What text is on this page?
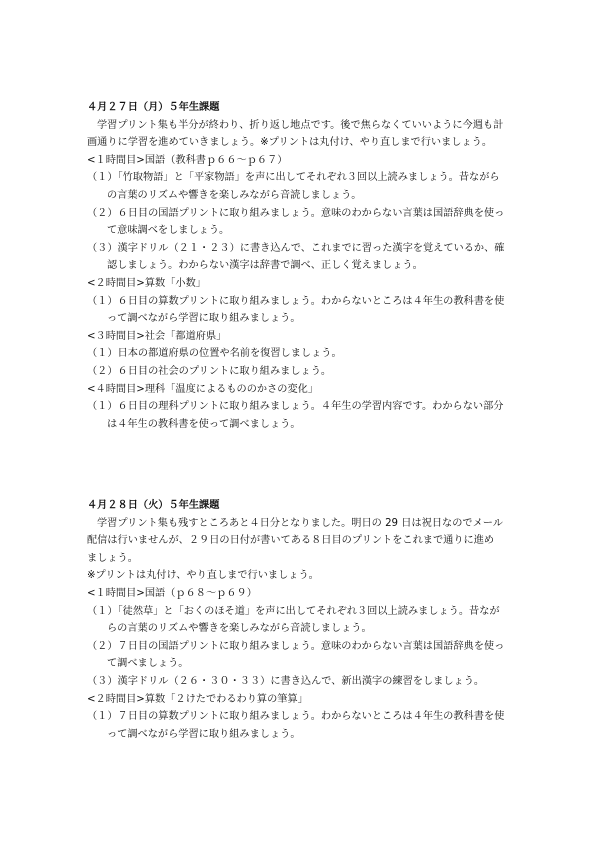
４月２７日（月）５年生課題
学習プリント集も半分が終わり、折り返し地点です。後で焦らなくていいように今週も計
画通りに学習を進めていきましょう。※プリントは丸付け、やり直しまで行いましょう。
<１時間目>国語（教科書ｐ６６～ｐ６７）
（１）「竹取物語」と「平家物語」を声に出してそれぞれ３回以上読みましょう。昔ながら
の言葉のリズムや響きを楽しみながら音読しましょう。
（２）６日目の国語プリントに取り組みましょう。意味のわからない言葉は国語辞典を使っ
て意味調べをしましょう。
（３）漢字ドリル（２１・２３）に書き込んで、これまでに習った漢字を覚えているか、確
認しましょう。わからない漢字は辞書で調べ、正しく覚えましょう。
<２時間目>算数「小数」
（１）６日目の算数プリントに取り組みましょう。わからないところは４年生の教科書を使
って調べながら学習に取り組みましょう。
<３時間目>社会「都道府県」
（１）日本の都道府県の位置や名前を復習しましょう。
（２）６日目の社会のプリントに取り組みましょう。
<４時間目>理科「温度によるもののかさの変化」
（１）６日目の理科プリントに取り組みましょう。４年生の学習内容です。わからない部分
は４年生の教科書を使って調べましょう。
４月２８日（火）５年生課題
学習プリント集も残すところあと４日分となりました。明日の 29 日は祝日なのでメール
配信は行いませんが、２９日の日付が書いてある８日目のプリントをこれまで通りに進め
ましょう。
※プリントは丸付け、やり直しまで行いましょう。
<１時間目>国語（ｐ６８～ｐ６９）
（１）「徒然草」と「おくのほそ道」を声に出してそれぞれ３回以上読みましょう。昔なが
らの言葉のリズムや響きを楽しみながら音読しましょう。
（２）７日目の国語プリントに取り組みましょう。意味のわからない言葉は国語辞典を使っ
て調べましょう。
（３）漢字ドリル（２６・３０・３３）に書き込んで、新出漢字の練習をしましょう。
<２時間目>算数「２けたでわるわり算の筆算」
（１）７日目の算数プリントに取り組みましょう。わからないところは４年生の教科書を使
って調べながら学習に取り組みましょう。
